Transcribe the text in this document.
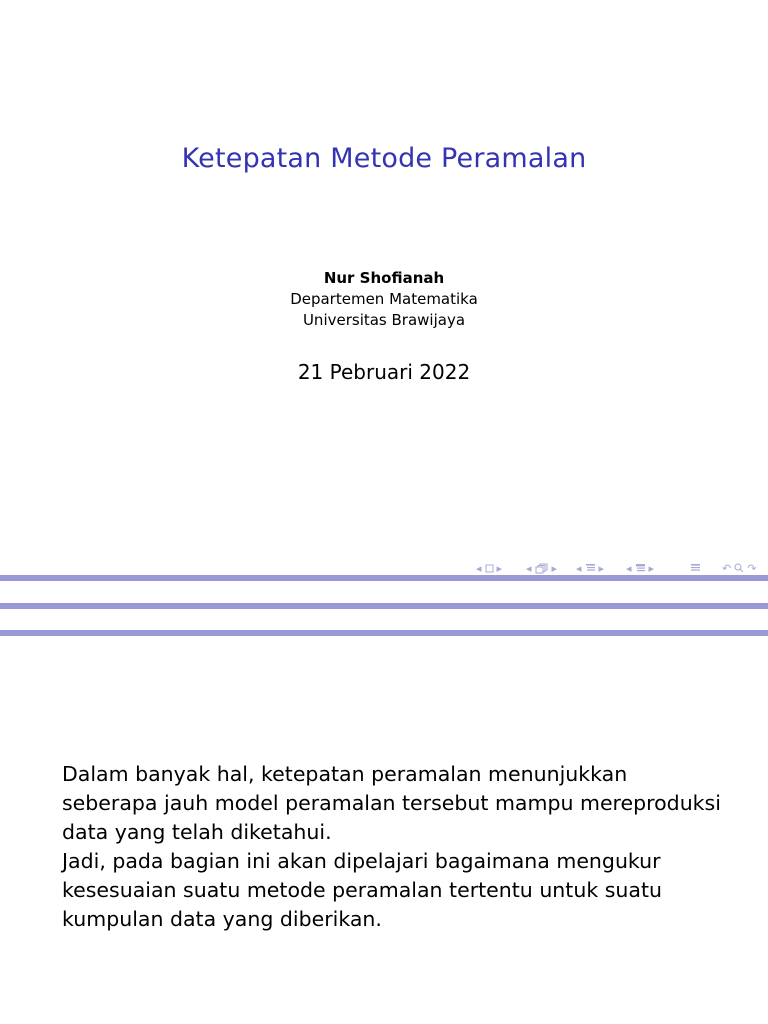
Ketepatan Metode Peramalan
Nur Shofianah
Departemen Matematika
Universitas Brawijaya
21 Pebruari 2022
◂ ▸ ◂ ▸ ◂ ▸ ◂ ▸	↶ ↷

Dalam banyak hal, ketepatan peramalan menunjukkan seberapa jauh model peramalan tersebut mampu mereproduksi data yang telah diketahui.

Jadi, pada bagian ini akan dipelajari bagaimana mengukur kesesuaian suatu metode peramalan tertentu untuk suatu kumpulan data yang diberikan.
